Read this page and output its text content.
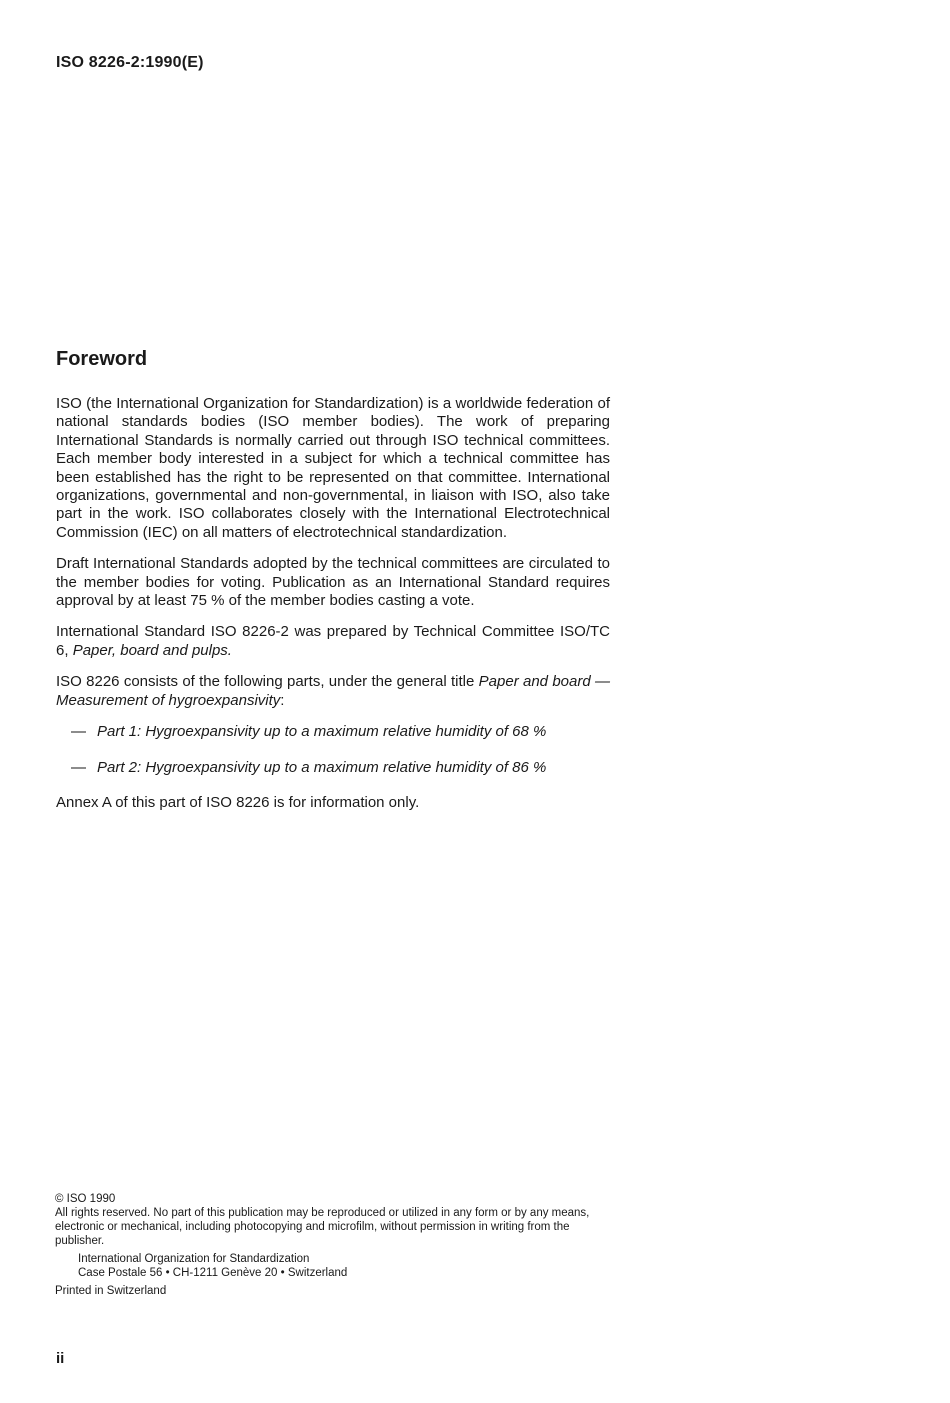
ISO 8226-2:1990(E)
Foreword

ISO (the International Organization for Standardization) is a worldwide federation of national standards bodies (ISO member bodies). The work of preparing International Standards is normally carried out through ISO technical committees. Each member body interested in a subject for which a technical committee has been established has the right to be represented on that committee. International organizations, governmental and non-governmental, in liaison with ISO, also take part in the work. ISO collaborates closely with the International Electrotechnical Commission (IEC) on all matters of electrotechnical standardization.

Draft International Standards adopted by the technical committees are circulated to the member bodies for voting. Publication as an International Standard requires approval by at least 75 % of the member bodies casting a vote.

International Standard ISO 8226-2 was prepared by Technical Committee ISO/TC 6, Paper, board and pulps.

ISO 8226 consists of the following parts, under the general title Paper and board — Measurement of hygroexpansivity:

— Part 1: Hygroexpansivity up to a maximum relative humidity of 68 %
— Part 2: Hygroexpansivity up to a maximum relative humidity of 86 %

Annex A of this part of ISO 8226 is for information only.

© ISO 1990
All rights reserved. No part of this publication may be reproduced or utilized in any form or by any means, electronic or mechanical, including photocopying and microfilm, without permission in writing from the publisher.
International Organization for Standardization
Case Postale 56 • CH-1211 Genève 20 • Switzerland
Printed in Switzerland
ii
